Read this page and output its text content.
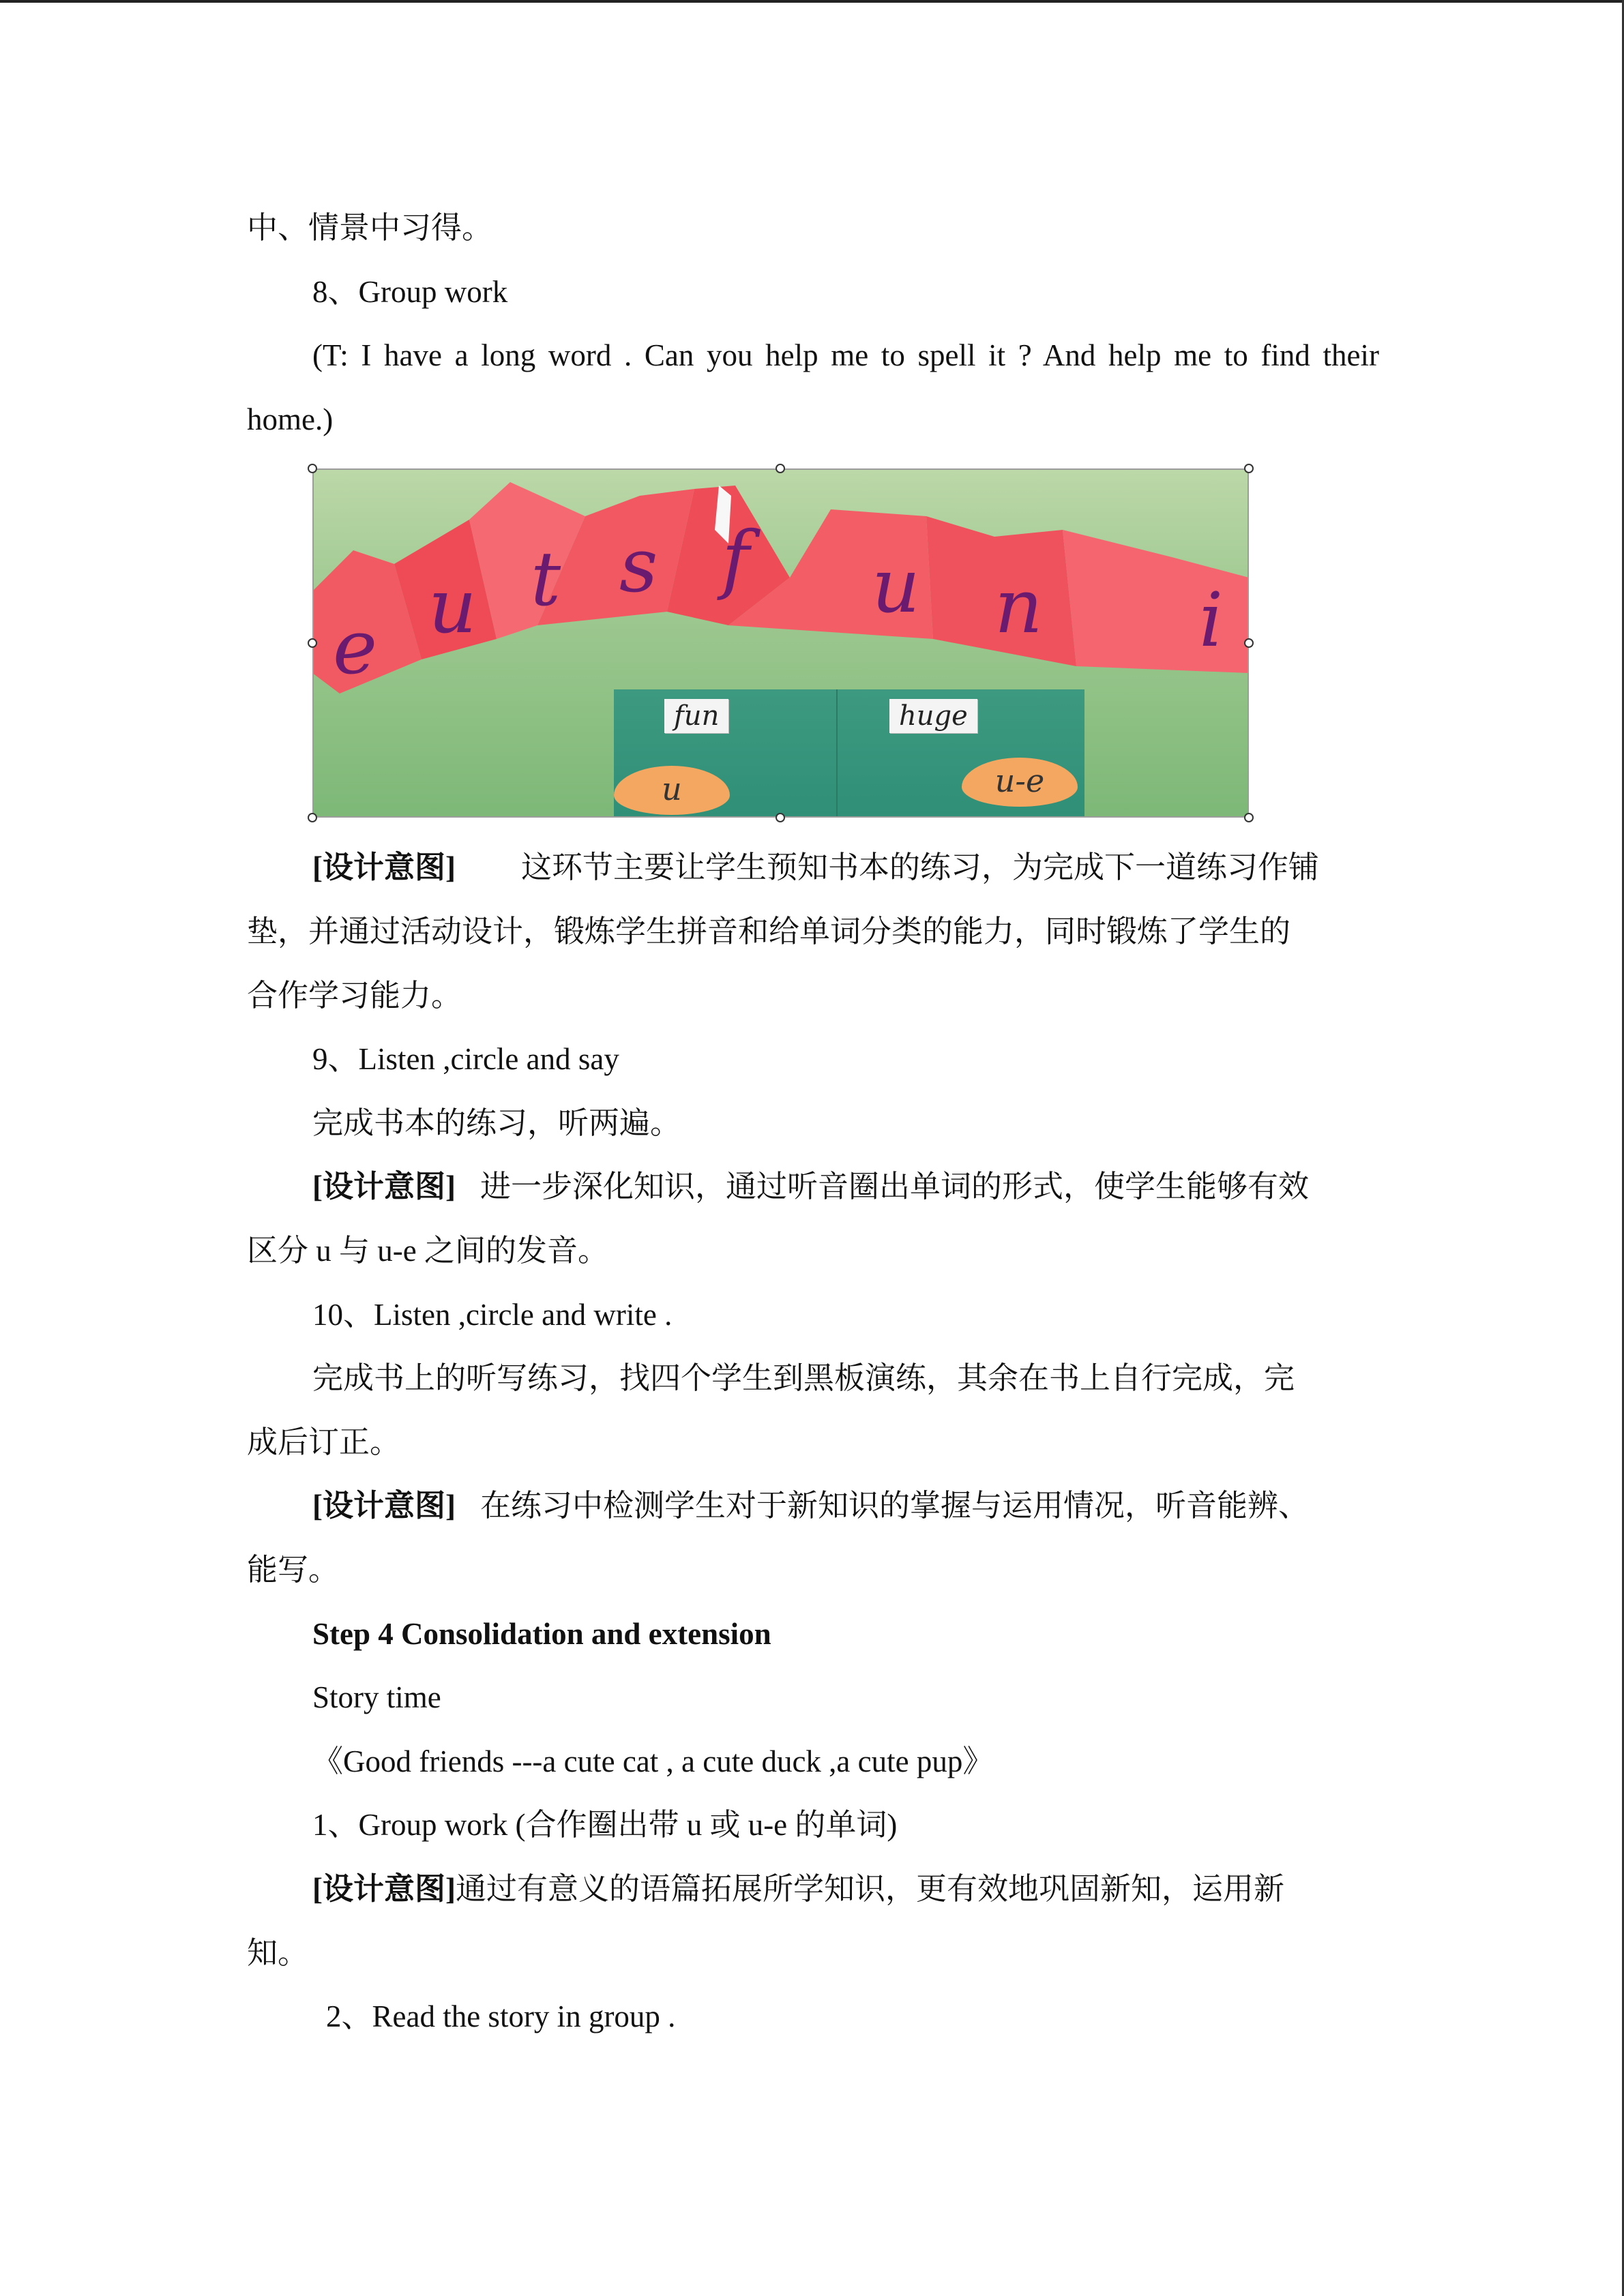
中、情景中习得。
8、Group work
(T: I have a long word . Can you help me to spell it ? And help me to find their
home.)
e u t s f u n i
fun	huge
u	u-e
[设计意图] 这环节主要让学生预知书本的练习，为完成下一道练习作铺
垫，并通过活动设计，锻炼学生拼音和给单词分类的能力，同时锻炼了学生的
合作学习能力。
9、Listen ,circle and say
完成书本的练习，听两遍。
[设计意图] 进一步深化知识，通过听音圈出单词的形式，使学生能够有效
区分 u 与 u-e 之间的发音。
10、Listen ,circle and write .
完成书上的听写练习，找四个学生到黑板演练，其余在书上自行完成，完
成后订正。
[设计意图] 在练习中检测学生对于新知识的掌握与运用情况，听音能辨、
能写。
Step 4 Consolidation and extension
Story time
《Good friends ---a cute cat , a cute duck ,a cute pup》
1、Group work (合作圈出带 u 或 u-e 的单词)
[设计意图]通过有意义的语篇拓展所学知识，更有效地巩固新知，运用新
知。
2、Read the story in group .
